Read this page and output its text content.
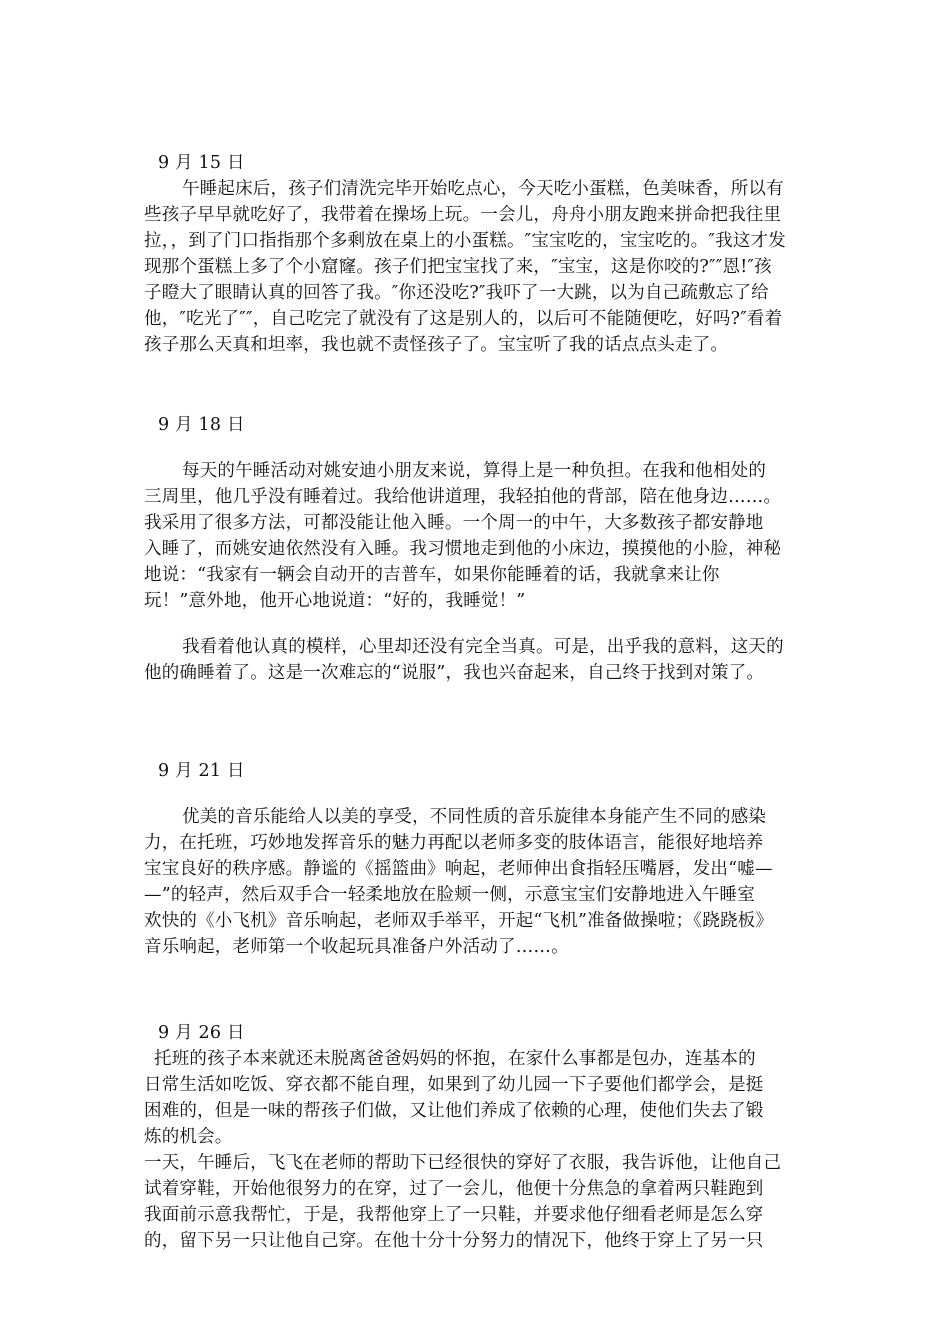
9 月 15 日
午睡起床后，孩子们清洗完毕开始吃点心，今天吃小蛋糕，色美味香，所以有
些孩子早早就吃好了，我带着在操场上玩。一会儿，舟舟小朋友跑来拼命把我往里
拉，，到了门口指指那个多剩放在桌上的小蛋糕。″宝宝吃的，宝宝吃的。″我这才发
现那个蛋糕上多了个小窟窿。孩子们把宝宝找了来，″宝宝，这是你咬的?″″恩!″孩
子瞪大了眼睛认真的回答了我。″你还没吃?″我吓了一大跳，以为自己疏敷忘了给
他，″吃光了″″，自己吃完了就没有了这是别人的，以后可不能随便吃，好吗?″看着
孩子那么天真和坦率，我也就不责怪孩子了。宝宝听了我的话点点头走了。
9 月 18 日
每天的午睡活动对姚安迪小朋友来说，算得上是一种负担。在我和他相处的
三周里，他几乎没有睡着过。我给他讲道理，我轻拍他的背部，陪在他身边……。
我采用了很多方法，可都没能让他入睡。一个周一的中午，大多数孩子都安静地
入睡了，而姚安迪依然没有入睡。我习惯地走到他的小床边，摸摸他的小脸，神秘
地说：“我家有一辆会自动开的吉普车，如果你能睡着的话，我就拿来让你
玩！”意外地，他开心地说道：“好的，我睡觉！”
我看着他认真的模样，心里却还没有完全当真。可是，出乎我的意料，这天的
他的确睡着了。这是一次难忘的“说服”，我也兴奋起来，自己终于找到对策了。
9 月 21 日
优美的音乐能给人以美的享受，不同性质的音乐旋律本身能产生不同的感染
力，在托班，巧妙地发挥音乐的魅力再配以老师多变的肢体语言，能很好地培养
宝宝良好的秩序感。静谧的《摇篮曲》响起，老师伸出食指轻压嘴唇，发出“嘘—
—”的轻声，然后双手合一轻柔地放在脸颊一侧，示意宝宝们安静地进入午睡室
欢快的《小飞机》音乐响起，老师双手举平，开起“飞机”准备做操啦；《跷跷板》
音乐响起，老师第一个收起玩具准备户外活动了……。
9 月 26 日
托班的孩子本来就还未脱离爸爸妈妈的怀抱，在家什么事都是包办，连基本的
日常生活如吃饭、穿衣都不能自理，如果到了幼儿园一下子要他们都学会，是挺
困难的，但是一味的帮孩子们做，又让他们养成了依赖的心理，使他们失去了锻
炼的机会。
一天，午睡后，飞飞在老师的帮助下已经很快的穿好了衣服，我告诉他，让他自己
试着穿鞋，开始他很努力的在穿，过了一会儿，他便十分焦急的拿着两只鞋跑到
我面前示意我帮忙，于是，我帮他穿上了一只鞋，并要求他仔细看老师是怎么穿
的，留下另一只让他自己穿。在他十分十分努力的情况下，他终于穿上了另一只
